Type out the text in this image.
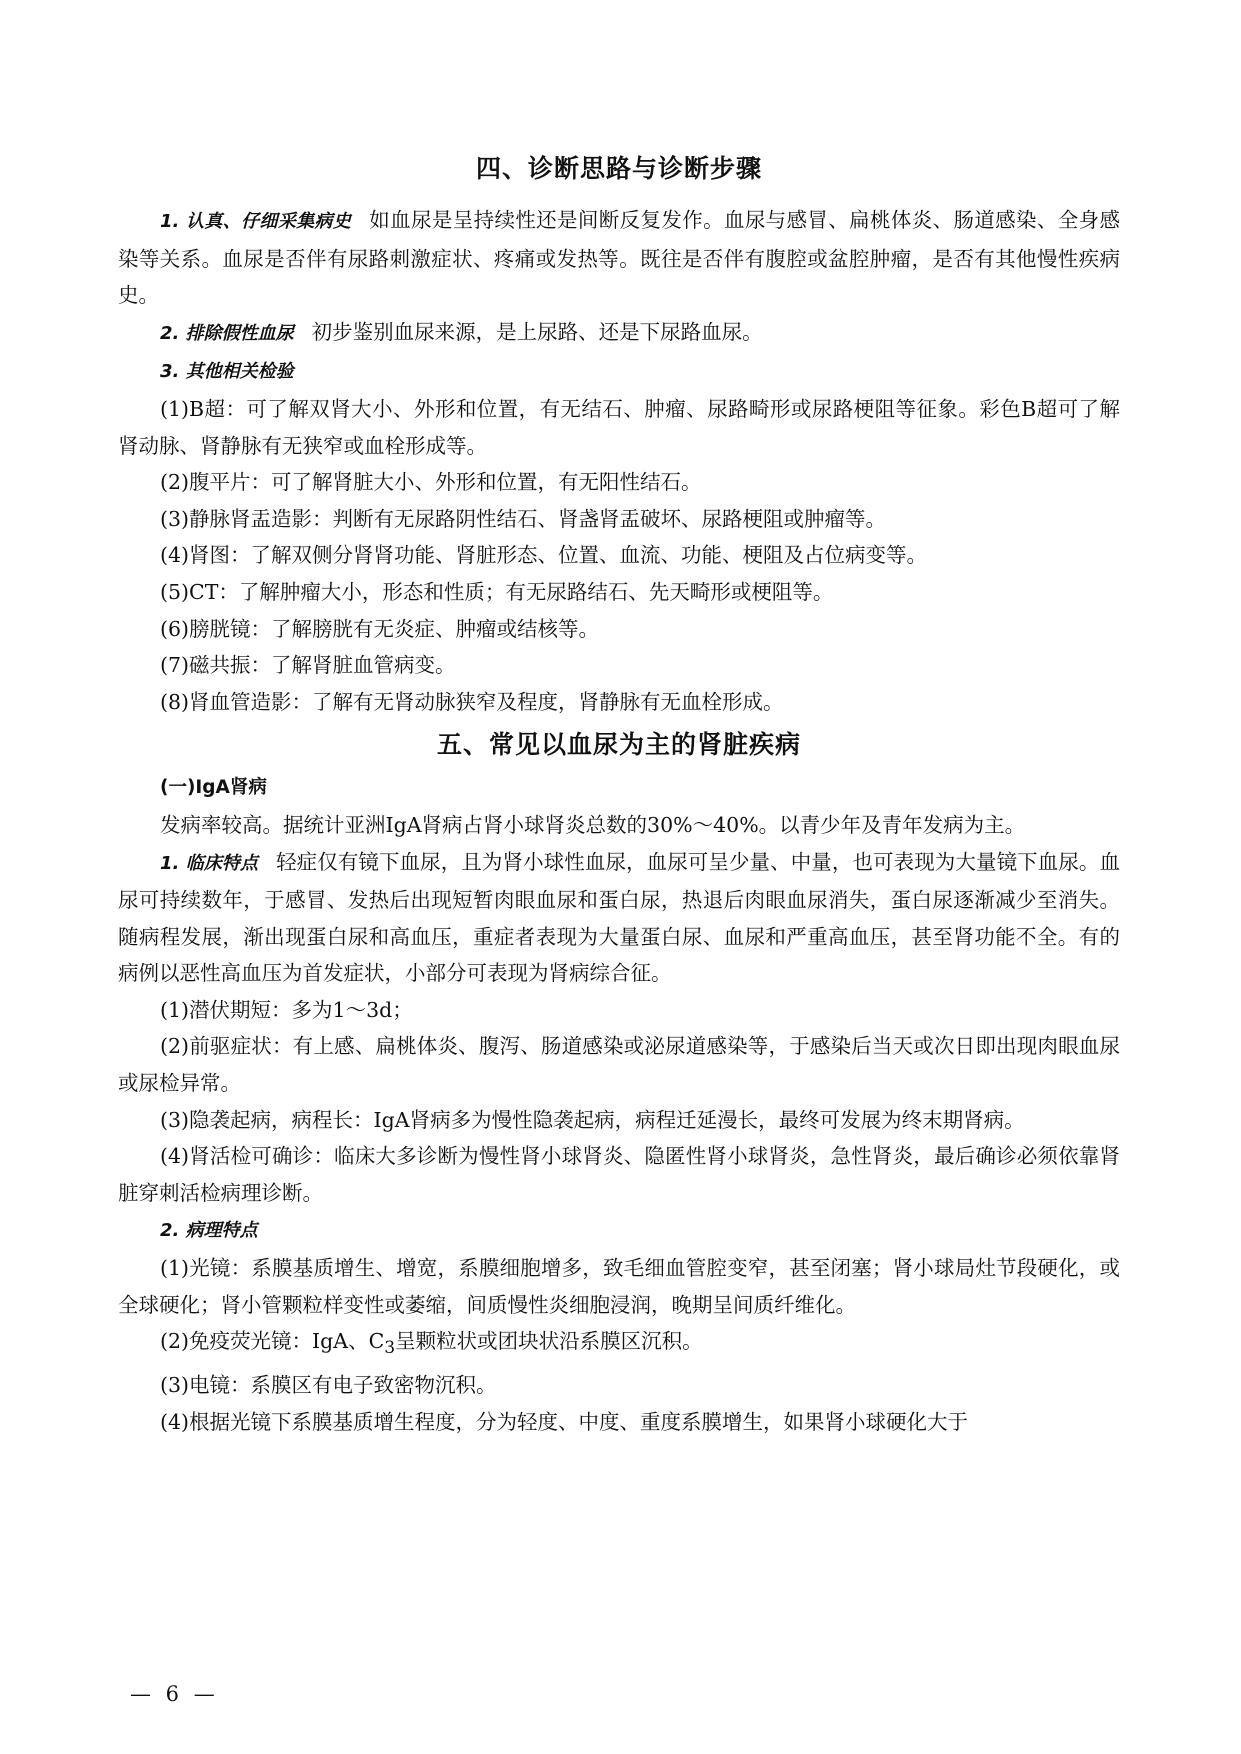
四、诊断思路与诊断步骤

1. 认真、仔细采集病史 如血尿是呈持续性还是间断反复发作。血尿与感冒、扁桃体炎、肠道感染、全身感染等关系。血尿是否伴有尿路刺激症状、疼痛或发热等。既往是否伴有腹腔或盆腔肿瘤，是否有其他慢性疾病史。

2. 排除假性血尿 初步鉴别血尿来源，是上尿路、还是下尿路血尿。

3. 其他相关检验

(1)B超：可了解双肾大小、外形和位置，有无结石、肿瘤、尿路畸形或尿路梗阻等征象。彩色B超可了解肾动脉、肾静脉有无狭窄或血栓形成等。

(2)腹平片：可了解肾脏大小、外形和位置，有无阳性结石。

(3)静脉肾盂造影：判断有无尿路阴性结石、肾盏肾盂破坏、尿路梗阻或肿瘤等。

(4)肾图：了解双侧分肾肾功能、肾脏形态、位置、血流、功能、梗阻及占位病变等。

(5)CT：了解肿瘤大小，形态和性质；有无尿路结石、先天畸形或梗阻等。

(6)膀胱镜：了解膀胱有无炎症、肿瘤或结核等。

(7)磁共振：了解肾脏血管病变。

(8)肾血管造影：了解有无肾动脉狭窄及程度，肾静脉有无血栓形成。

五、常见以血尿为主的肾脏疾病

(一)IgA肾病

发病率较高。据统计亚洲IgA肾病占肾小球肾炎总数的30%～40%。以青少年及青年发病为主。

1. 临床特点 轻症仅有镜下血尿，且为肾小球性血尿，血尿可呈少量、中量，也可表现为大量镜下血尿。血尿可持续数年，于感冒、发热后出现短暂肉眼血尿和蛋白尿，热退后肉眼血尿消失，蛋白尿逐渐减少至消失。随病程发展，渐出现蛋白尿和高血压，重症者表现为大量蛋白尿、血尿和严重高血压，甚至肾功能不全。有的病例以恶性高血压为首发症状，小部分可表现为肾病综合征。

(1)潜伏期短：多为1～3d；

(2)前驱症状：有上感、扁桃体炎、腹泻、肠道感染或泌尿道感染等，于感染后当天或次日即出现肉眼血尿或尿检异常。

(3)隐袭起病，病程长：IgA肾病多为慢性隐袭起病，病程迁延漫长，最终可发展为终末期肾病。

(4)肾活检可确诊：临床大多诊断为慢性肾小球肾炎、隐匿性肾小球肾炎，急性肾炎，最后确诊必须依靠肾脏穿刺活检病理诊断。

2. 病理特点

(1)光镜：系膜基质增生、增宽，系膜细胞增多，致毛细血管腔变窄，甚至闭塞；肾小球局灶节段硬化，或全球硬化；肾小管颗粒样变性或萎缩，间质慢性炎细胞浸润，晚期呈间质纤维化。

(2)免疫荧光镜：IgA、$C_3$呈颗粒状或团块状沿系膜区沉积。

(3)电镜：系膜区有电子致密物沉积。

(4)根据光镜下系膜基质增生程度，分为轻度、中度、重度系膜增生，如果肾小球硬化大于

— 6 —
